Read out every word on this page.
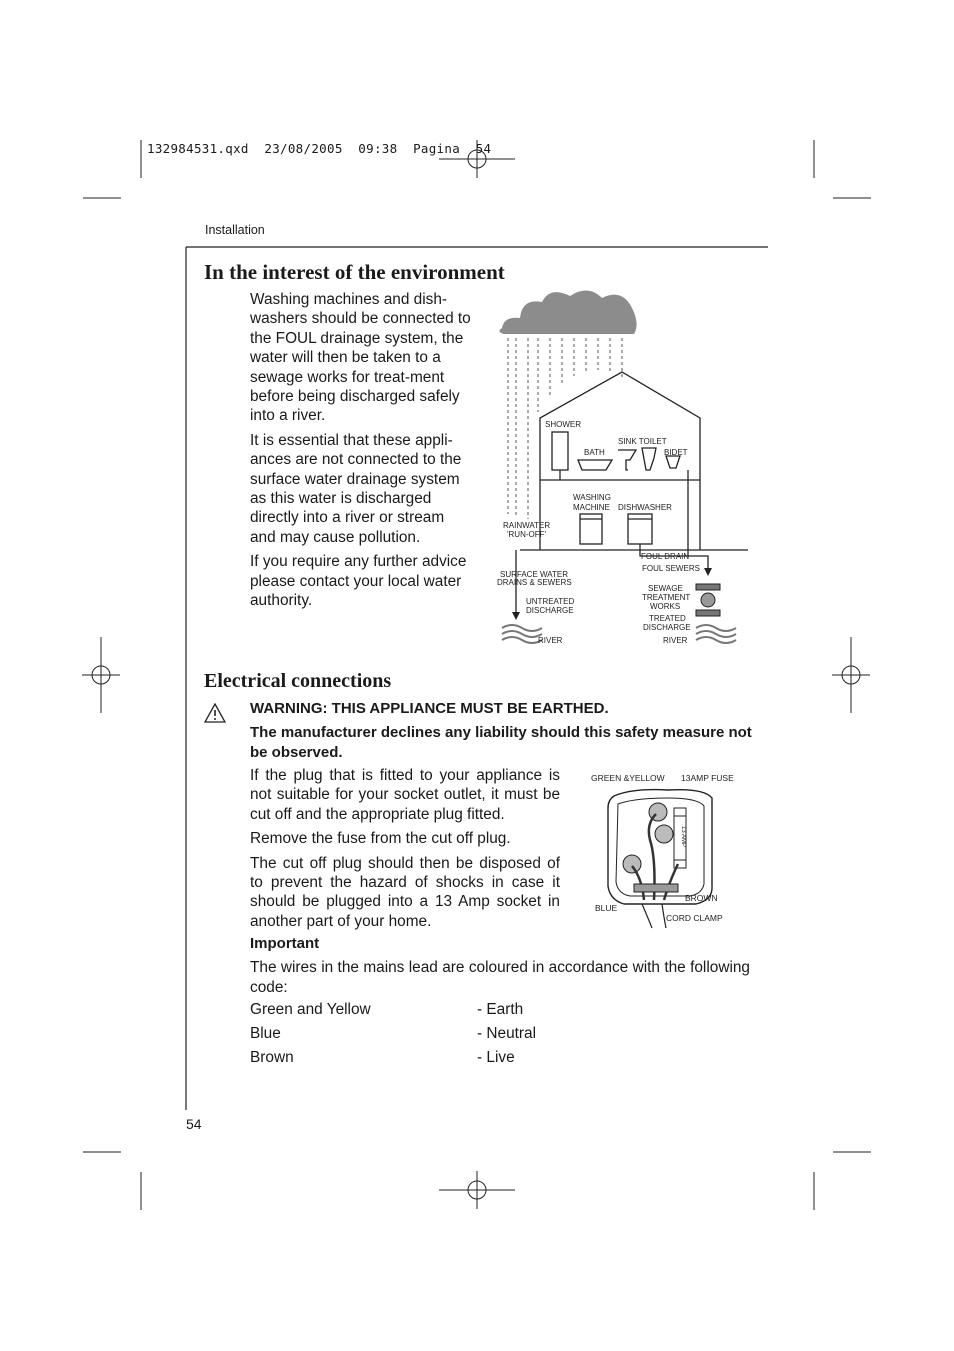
132984531.qxd  23/08/2005  09:38  Pagina  54
Installation
In the interest of the environment

Washing machines and dish-washers should be connected to the FOUL drainage system, the water will then be taken to a sewage works for treat-ment before being discharged safely into a river.

It is essential that these appli-ances are not connected to the surface water drainage system as this water is discharged directly into a river or stream and may cause pollution.

If you require any further advice please contact your local water authority.

SHOWER
BATH
SINK TOILET
BIDET
WASHING
MACHINE DISHWASHER
RAINWATER
'RUN-OFF'
FOUL DRAIN
FOUL SEWERS
SURFACE WATER
DRAINS & SEWERS
UNTREATED
DISCHARGE
SEWAGE
TREATMENT
WORKS
TREATED
DISCHARGE
RIVER	RIVER
Electrical connections

WARNING: THIS APPLIANCE MUST BE EARTHED.

The manufacturer declines any liability should this safety measure not be observed.

If the plug that is fitted to your appliance is not suitable for your socket outlet, it must be cut off and the appropriate plug fitted.

Remove the fuse from the cut off plug.

The cut off plug should then be disposed of to prevent the hazard of shocks in case it should be plugged into a 13 Amp socket in another part of your home.

13 AMP
GREEN &YELLOW 13AMP FUSE
BLUE
BROWN
CORD CLAMP
Important
The wires in the mains lead are coloured in accordance with the following code:
Green and Yellow	- Earth
Blue	- Neutral
Brown	- Live
54
